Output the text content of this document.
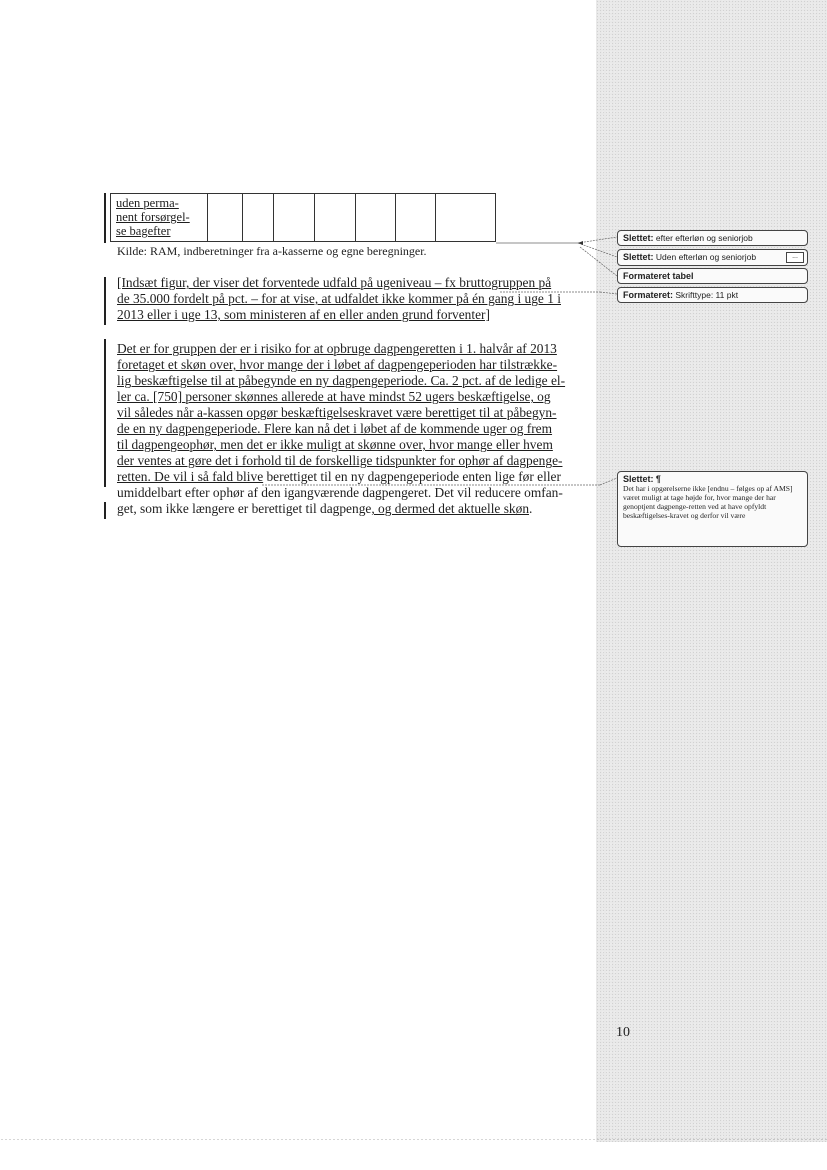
uden perma-
nent forsørgel-
se bagefter
Kilde: RAM, indberetninger fra a-kasserne og egne beregninger.
[Indsæt figur, der viser det forventede udfald på ugeniveau – fx bruttogruppen på
de 35.000 fordelt på pct. – for at vise, at udfaldet ikke kommer på én gang i uge 1 i
2013 eller i uge 13, som ministeren af en eller anden grund forventer]
Det er for gruppen der er i risiko for at opbruge dagpengeretten i 1. halvår af 2013
foretaget et skøn over, hvor mange der i løbet af dagpengeperioden har tilstrække-
lig beskæftigelse til at påbegynde en ny dagpengeperiode. Ca. 2 pct. af de ledige el-
ler ca. [750] personer skønnes allerede at have mindst 52 ugers beskæftigelse, og
vil således når a-kassen opgør beskæftigelseskravet være berettiget til at påbegyn-
de en ny dagpengeperiode. Flere kan nå det i løbet af de kommende uger og frem
til dagpengeophør, men det er ikke muligt at skønne over, hvor mange eller hvem
der ventes at gøre det i forhold til de forskellige tidspunkter for ophør af dagpenge-
retten. De vil i så fald blive berettiget til en ny dagpengeperiode enten lige før eller
umiddelbart efter ophør af den igangværende dagpengeret. Det vil reducere omfan-
get, som ikke længere er berettiget til dagpenge, og dermed det aktuelle skøn.
Slettet: efter efterløn og seniorjob
Slettet: Uden efterløn og seniorjob	...
Formateret tabel
Formateret: Skrifttype: 11 pkt
Slettet: ¶
Det har i opgørelserne ikke [endnu – følges op af AMS] været muligt at tage højde for, hvor mange der har genoptjent dagpenge-retten ved at have opfyldt beskæftigelses-kravet og derfor vil være
10
